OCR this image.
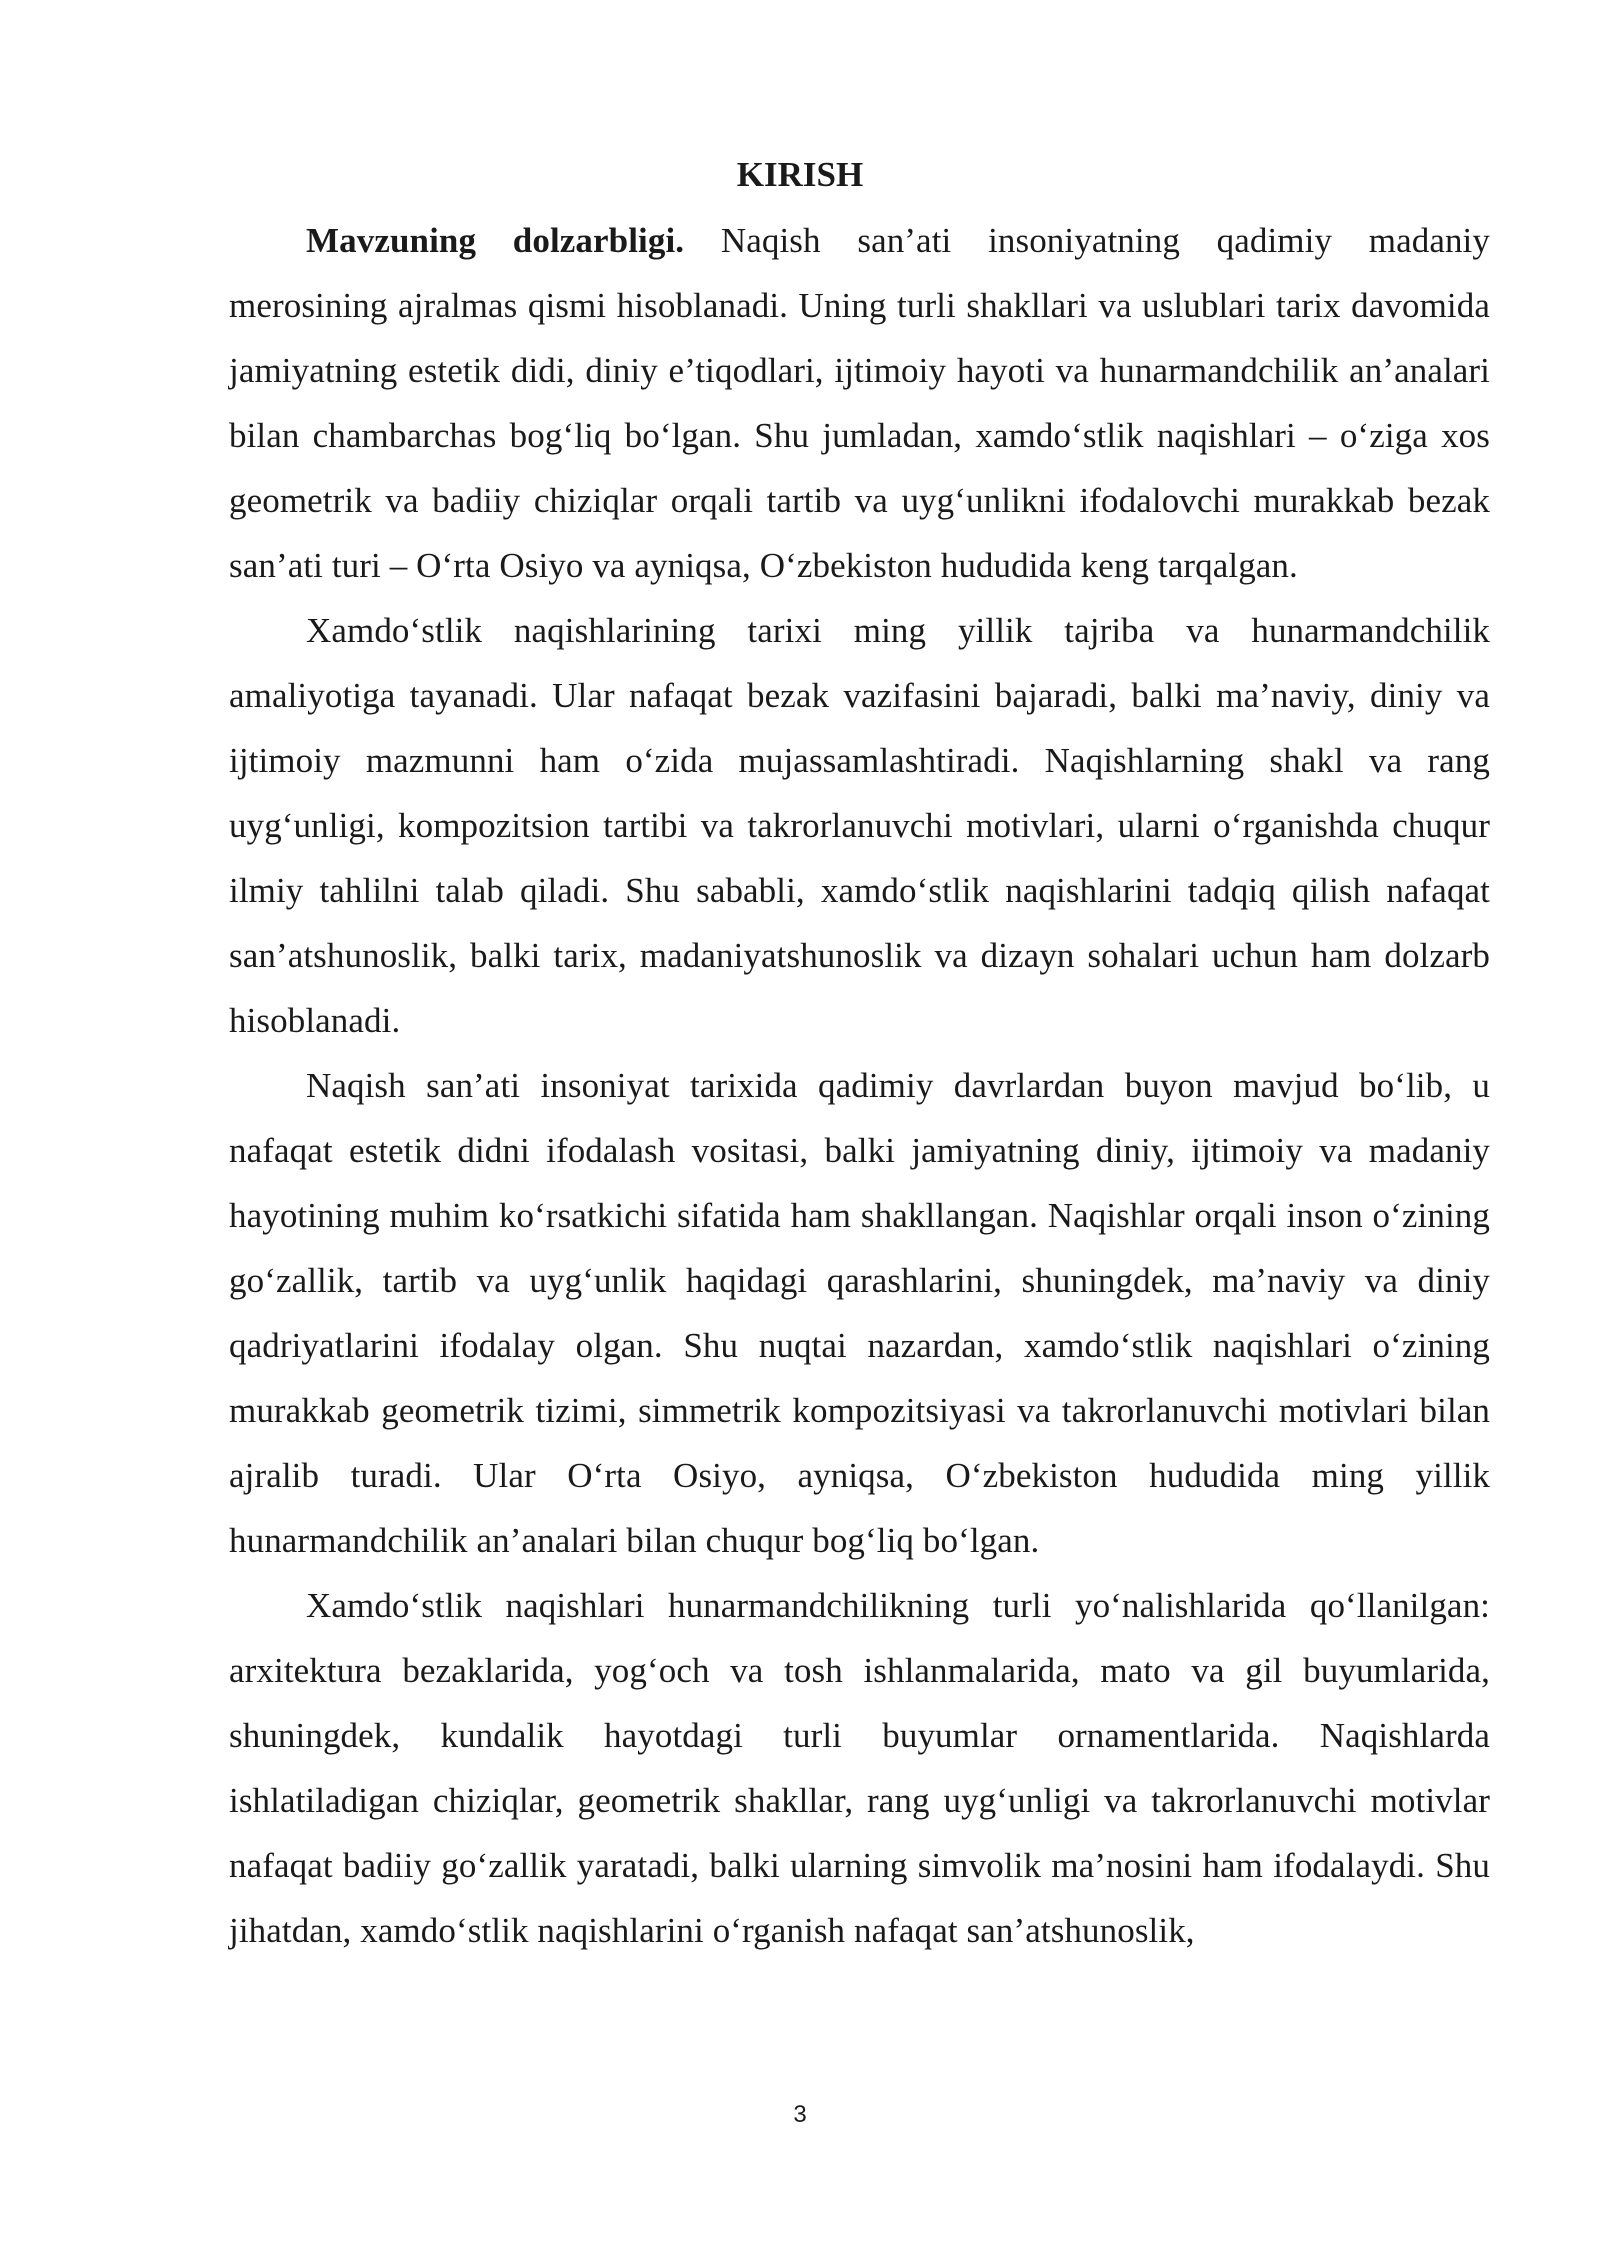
KIRISH

Mavzuning dolzarbligi. Naqish san’ati insoniyatning qadimiy madaniy merosining ajralmas qismi hisoblanadi. Uning turli shakllari va uslublari tarix davomida jamiyatning estetik didi, diniy e’tiqodlari, ijtimoiy hayoti va hunarmandchilik an’analari bilan chambarchas bog‘liq bo‘lgan. Shu jumladan, xamdo‘stlik naqishlari – o‘ziga xos geometrik va badiiy chiziqlar orqali tartib va uyg‘unlikni ifodalovchi murakkab bezak san’ati turi – O‘rta Osiyo va ayniqsa, O‘zbekiston hududida keng tarqalgan.

Xamdo‘stlik naqishlarining tarixi ming yillik tajriba va hunarmandchilik amaliyotiga tayanadi. Ular nafaqat bezak vazifasini bajaradi, balki ma’naviy, diniy va ijtimoiy mazmunni ham o‘zida mujassamlashtiradi. Naqishlarning shakl va rang uyg‘unligi, kompozitsion tartibi va takrorlanuvchi motivlari, ularni o‘rganishda chuqur ilmiy tahlilni talab qiladi. Shu sababli, xamdo‘stlik naqishlarini tadqiq qilish nafaqat san’atshunoslik, balki tarix, madaniyatshunoslik va dizayn sohalari uchun ham dolzarb hisoblanadi.

Naqish san’ati insoniyat tarixida qadimiy davrlardan buyon mavjud bo‘lib, u nafaqat estetik didni ifodalash vositasi, balki jamiyatning diniy, ijtimoiy va madaniy hayotining muhim ko‘rsatkichi sifatida ham shakllangan. Naqishlar orqali inson o‘zining go‘zallik, tartib va uyg‘unlik haqidagi qarashlarini, shuningdek, ma’naviy va diniy qadriyatlarini ifodalay olgan. Shu nuqtai nazardan, xamdo‘stlik naqishlari o‘zining murakkab geometrik tizimi, simmetrik kompozitsiyasi va takrorlanuvchi motivlari bilan ajralib turadi. Ular O‘rta Osiyo, ayniqsa, O‘zbekiston hududida ming yillik hunarmandchilik an’analari bilan chuqur bog‘liq bo‘lgan.

Xamdo‘stlik naqishlari hunarmandchilikning turli yo‘nalishlarida qo‘llanilgan: arxitektura bezaklarida, yog‘och va tosh ishlanmalarida, mato va gil buyumlarida, shuningdek, kundalik hayotdagi turli buyumlar ornamentlarida. Naqishlarda ishlatiladigan chiziqlar, geometrik shakllar, rang uyg‘unligi va takrorlanuvchi motivlar nafaqat badiiy go‘zallik yaratadi, balki ularning simvolik ma’nosini ham ifodalaydi. Shu jihatdan, xamdo‘stlik naqishlarini o‘rganish nafaqat san’atshunoslik,

3
